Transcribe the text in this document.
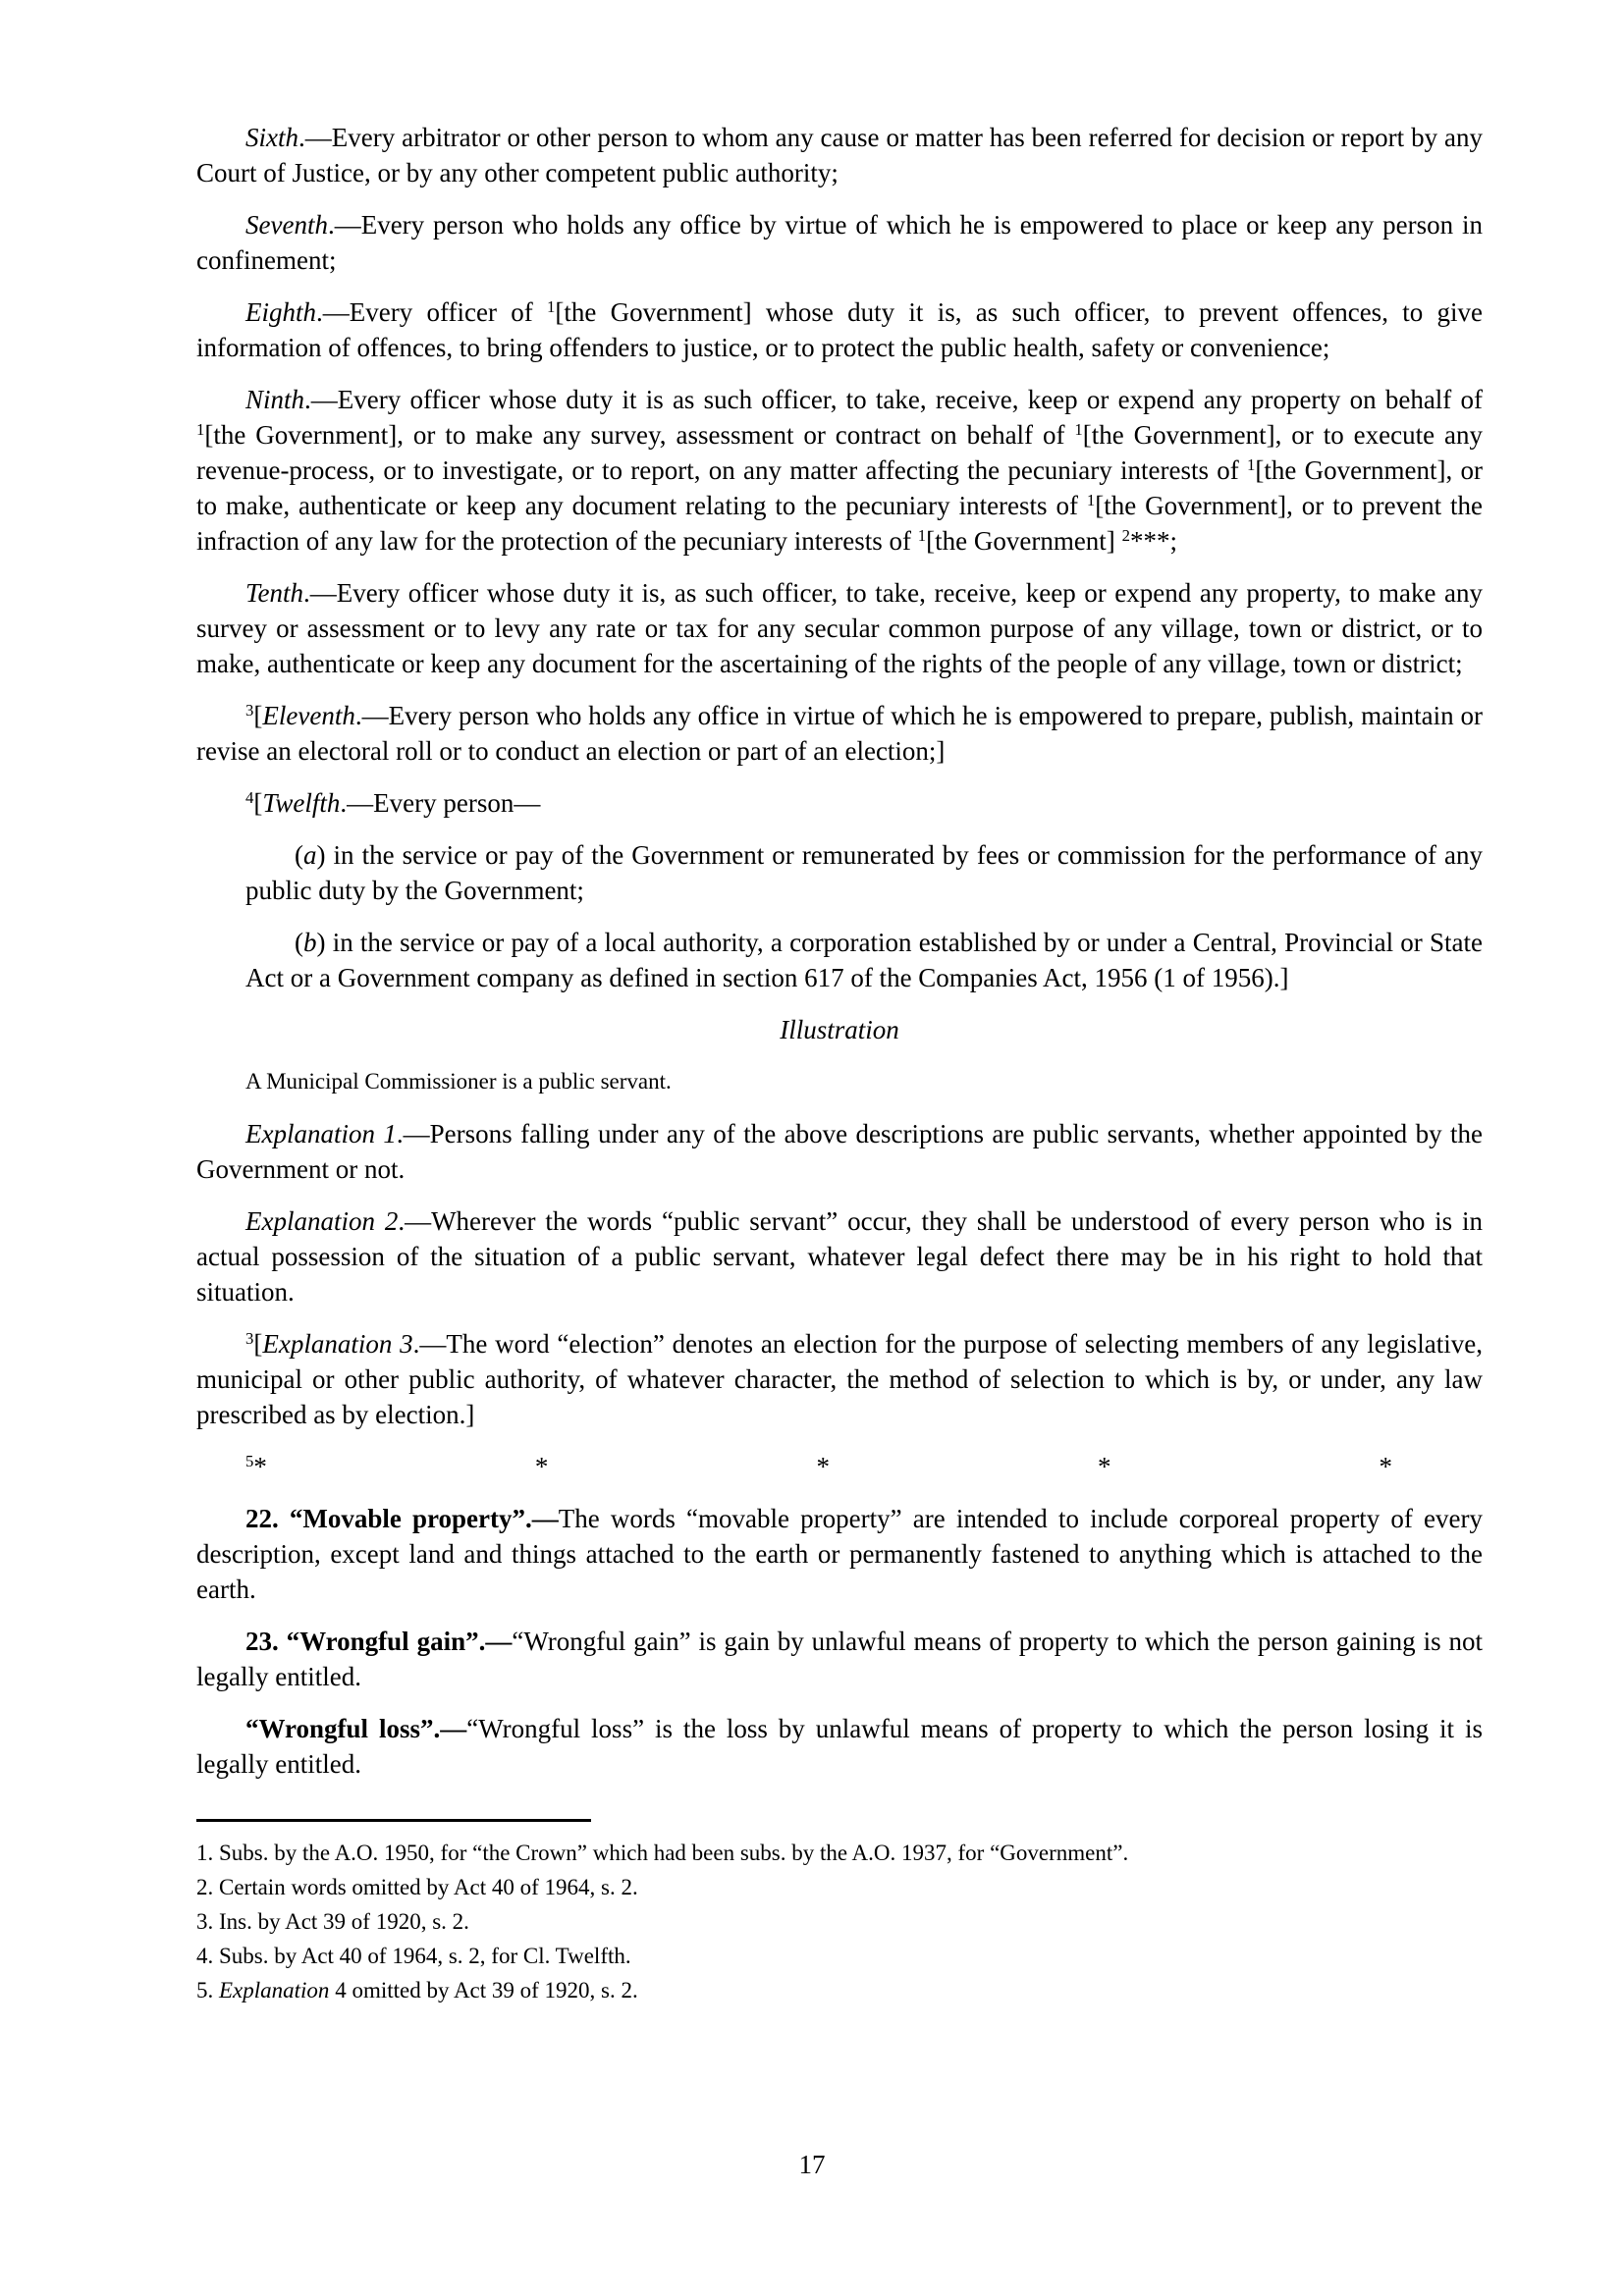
Sixth.—Every arbitrator or other person to whom any cause or matter has been referred for decision or report by any Court of Justice, or by any other competent public authority;

Seventh.—Every person who holds any office by virtue of which he is empowered to place or keep any person in confinement;

Eighth.—Every officer of $^1$[the Government] whose duty it is, as such officer, to prevent offences, to give information of offences, to bring offenders to justice, or to protect the public health, safety or convenience;

Ninth.—Every officer whose duty it is as such officer, to take, receive, keep or expend any property on behalf of $^1$[the Government], or to make any survey, assessment or contract on behalf of $^1$[the Government], or to execute any revenue-process, or to investigate, or to report, on any matter affecting the pecuniary interests of $^1$[the Government], or to make, authenticate or keep any document relating to the pecuniary interests of $^1$[the Government], or to prevent the infraction of any law for the protection of the pecuniary interests of $^1$[the Government] $^2$***;

Tenth.—Every officer whose duty it is, as such officer, to take, receive, keep or expend any property, to make any survey or assessment or to levy any rate or tax for any secular common purpose of any village, town or district, or to make, authenticate or keep any document for the ascertaining of the rights of the people of any village, town or district;

$^3$[Eleventh.—Every person who holds any office in virtue of which he is empowered to prepare, publish, maintain or revise an electoral roll or to conduct an election or part of an election;]

$^4$[Twelfth.—Every person—

(a) in the service or pay of the Government or remunerated by fees or commission for the performance of any public duty by the Government;

(b) in the service or pay of a local authority, a corporation established by or under a Central, Provincial or State Act or a Government company as defined in section 617 of the Companies Act, 1956 (1 of 1956).]

Illustration

A Municipal Commissioner is a public servant.

Explanation 1.—Persons falling under any of the above descriptions are public servants, whether appointed by the Government or not.

Explanation 2.—Wherever the words “public servant” occur, they shall be understood of every person who is in actual possession of the situation of a public servant, whatever legal defect there may be in his right to hold that situation.

$^3$[Explanation 3.—The word “election” denotes an election for the purpose of selecting members of any legislative, municipal or other public authority, of whatever character, the method of selection to which is by, or under, any law prescribed as by election.]

$^5$*	*	*	*	*

22. “Movable property”.—The words “movable property” are intended to include corporeal property of every description, except land and things attached to the earth or permanently fastened to anything which is attached to the earth.

23. “Wrongful gain”.—“Wrongful gain” is gain by unlawful means of property to which the person gaining is not legally entitled.

“Wrongful loss”.—“Wrongful loss” is the loss by unlawful means of property to which the person losing it is legally entitled.

1. Subs. by the A.O. 1950, for “the Crown” which had been subs. by the A.O. 1937, for “Government”.

2. Certain words omitted by Act 40 of 1964, s. 2.

3. Ins. by Act 39 of 1920, s. 2.

4. Subs. by Act 40 of 1964, s. 2, for Cl. Twelfth.

5. Explanation 4 omitted by Act 39 of 1920, s. 2.

17
